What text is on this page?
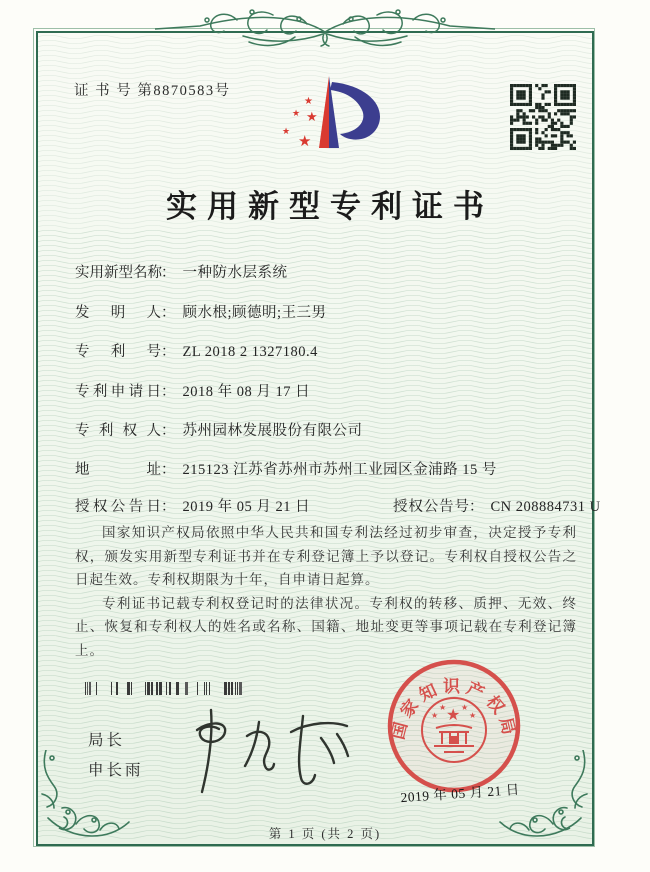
证 书 号 第8870583号
★
★ ★
★
★
实用新型专利证书
实用新型名称： 一种防水层系统
发明人： 顾水根;顾德明;王三男
专利号： ZL 2018 2 1327180.4
专利申请日： 2018 年 08 月 17 日
专利权人： 苏州园林发展股份有限公司
地址： 215123 江苏省苏州市苏州工业园区金浦路 15 号
授权公告日： 2019 年 05 月 21 日	授权公告号： CN 208884731 U

国家知识产权局依照中华人民共和国专利法经过初步审查，决定授予专利权，颁发实用新型专利证书并在专利登记簿上予以登记。专利权自授权公告之日起生效。专利权期限为十年，自申请日起算。

专利证书记载专利权登记时的法律状况。专利权的转移、质押、无效、终止、恢复和专利权人的姓名或名称、国籍、地址变更等事项记载在专利登记簿上。

局长
申长雨
国家知识产权局
★
★
★ ★
★
2019 年 05 月 21 日
第 1 页 (共 2 页)
